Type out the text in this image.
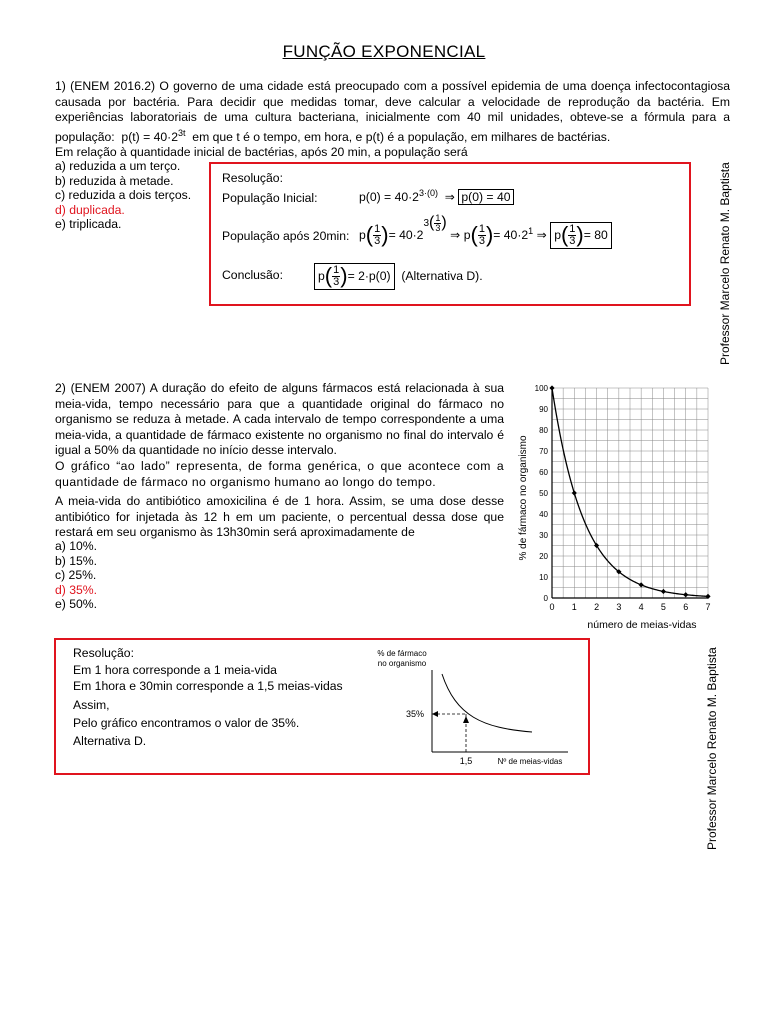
FUNÇÃO EXPONENCIAL
1) (ENEM 2016.2) O governo de uma cidade está preocupado com a possível epidemia de uma doença infectocontagiosa causada por bactéria. Para decidir que medidas tomar, deve calcular a velocidade de reprodução da bactéria. Em experiências laboratoriais de uma cultura bacteriana, inicialmente com 40 mil unidades, obteve-se a fórmula para a população: $p(t) = 40\cdot 2^{3t}$ em que t é o tempo, em hora, e p(t) é a população, em milhares de bactérias.
Em relação à quantidade inicial de bactérias, após 20 min, a população será
a) reduzida a um terço.
b) reduzida à metade.
c) reduzida a dois terços.
d) duplicada.
e) triplicada.
Resolução:
População Inicial:	$p(0) = 40\cdot 2^{3\cdot(0)}$ ⇒ p(0) = 40
População após 20min: p ( $\frac{1}{3}$ ) = 40·2
3 ( $\frac{1}{3}$ )

⇒
p ( $\frac{1}{3}$ ) = $40\cdot 2^1$
⇒
p ( $\frac{1}{3}$ ) = 80
Conclusão:	p ( $\frac{1}{3}$ ) = 2·p(0)
(Alternativa D).	Professor Marcelo Renato M. Baptista
Professor Marcelo Renato M. Baptista
2) (ENEM 2007) A duração do efeito de alguns fármacos está relacionada à sua meia-vida, tempo necessário para que a quantidade original do fármaco no organismo se reduza à metade. A cada intervalo de tempo correspondente a uma meia-vida, a quantidade de fármaco existente no organismo no final do intervalo é igual a 50% da quantidade no início desse intervalo.
O gráfico “ao lado” representa, de forma genérica, o que acontece com a quantidade de fármaco no organismo humano ao longo do tempo.
A meia-vida do antibiótico amoxicilina é de 1 hora. Assim, se uma dose desse antibiótico for injetada às 12 h em um paciente, o percentual dessa dose que restará em seu organismo às 13h30min será aproximadamente de
a) 10%.
b) 15%.
c) 25%.
d) 35%.
e) 50%.	0
10
20
30
40
50
60
70
80
90
100
0 1 2 3 4 5 6 7
% de fármaco no organismo
número de meias-vidas
Resolução:
Em 1 hora corresponde a 1 meia-vida
Em 1hora e 30min corresponde a 1,5 meias-vidas
Assim,
Pelo gráfico encontramos o valor de 35%.
Alternativa D.
% de fármaco
no organismo
35%
1,5	Nº de meias-vidas
